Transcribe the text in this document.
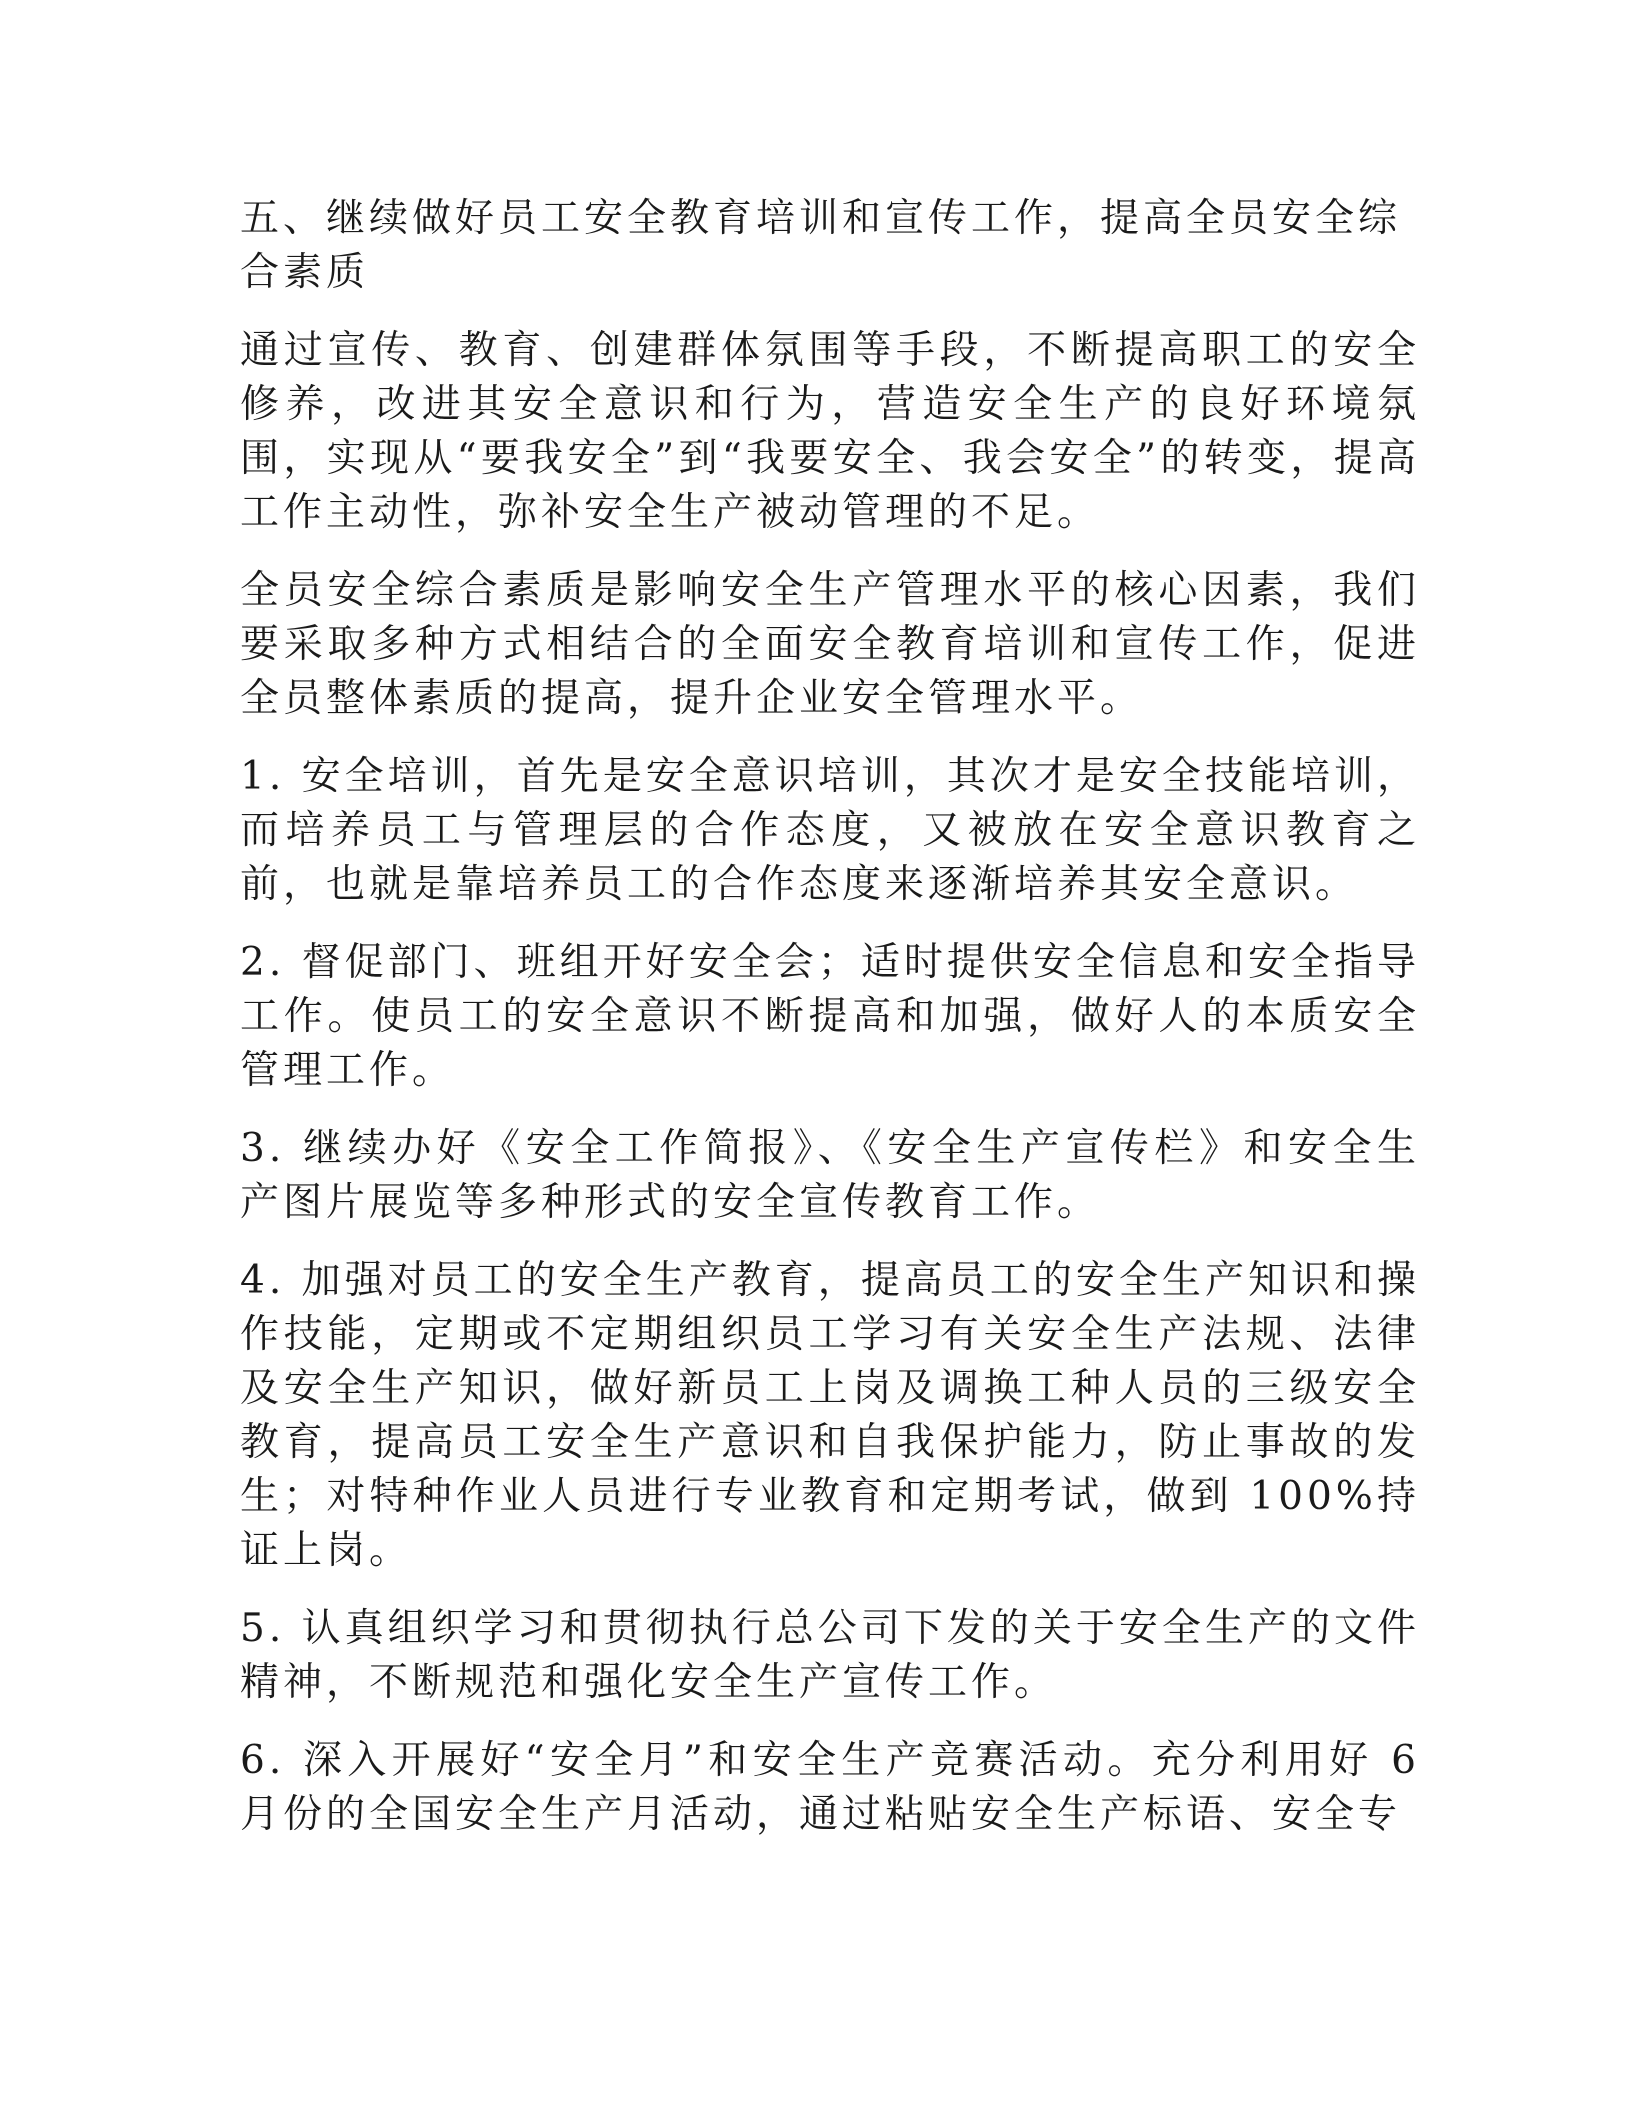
五、继续做好员工安全教育培训和宣传工作，提高全员安全综合素质

通过宣传、教育、创建群体氛围等手段，不断提高职工的安全修养，改进其安全意识和行为，营造安全生产的良好环境氛围，实现从“要我安全”到“我要安全、我会安全”的转变，提高工作主动性，弥补安全生产被动管理的不足。

全员安全综合素质是影响安全生产管理水平的核心因素，我们要采取多种方式相结合的全面安全教育培训和宣传工作，促进全员整体素质的提高，提升企业安全管理水平。

1. 安全培训，首先是安全意识培训，其次才是安全技能培训，而培养员工与管理层的合作态度，又被放在安全意识教育之前，也就是靠培养员工的合作态度来逐渐培养其安全意识。

2. 督促部门、班组开好安全会；适时提供安全信息和安全指导工作。使员工的安全意识不断提高和加强，做好人的本质安全管理工作。

3. 继续办好《安全工作简报》、《安全生产宣传栏》和安全生产图片展览等多种形式的安全宣传教育工作。

4. 加强对员工的安全生产教育，提高员工的安全生产知识和操作技能，定期或不定期组织员工学习有关安全生产法规、法律及安全生产知识，做好新员工上岗及调换工种人员的三级安全教育，提高员工安全生产意识和自我保护能力，防止事故的发生；对特种作业人员进行专业教育和定期考试，做到 100%持证上岗。

5. 认真组织学习和贯彻执行总公司下发的关于安全生产的文件精神，不断规范和强化安全生产宣传工作。

6. 深入开展好“安全月”和安全生产竞赛活动。充分利用好 6 月份的全国安全生产月活动，通过粘贴安全生产标语、安全专
